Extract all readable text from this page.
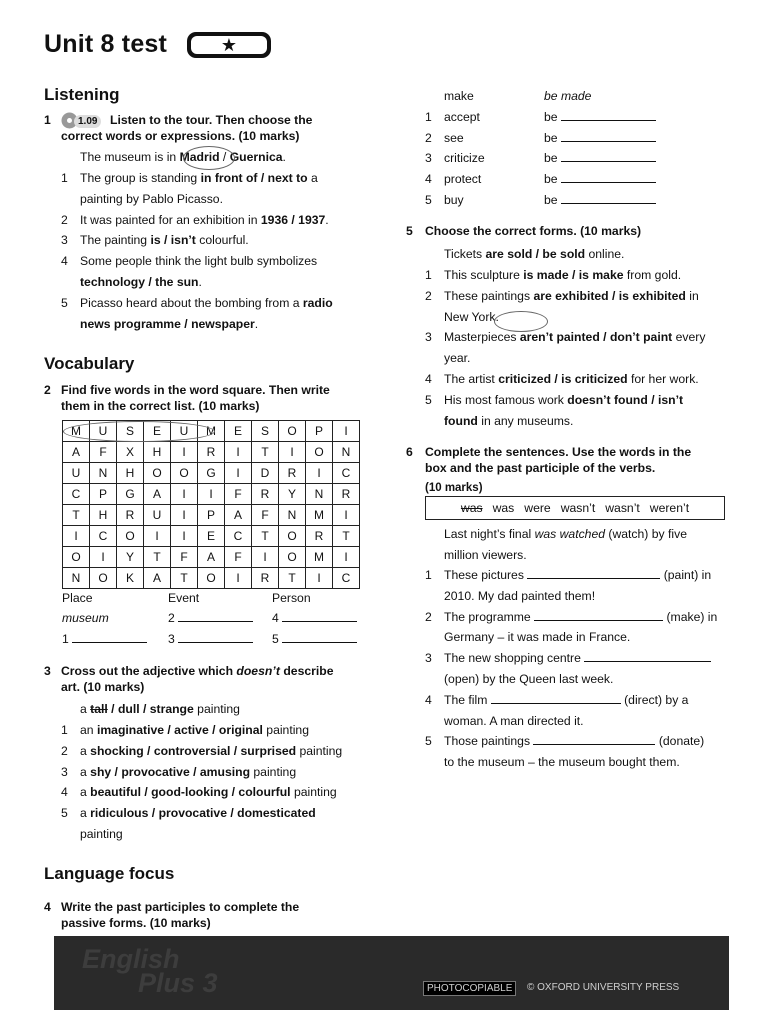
Unit 8 test	★
Listening
1	1.09	Listen to the tour. Then choose the
correct words or expressions. (10 marks)
The museum is in Madrid / Guernica.
1 The group is standing in front of / next to a
painting by Pablo Picasso.
2 It was painted for an exhibition in 1936 / 1937.
3 The painting is / isn’t colourful.
4 Some people think the light bulb symbolizes
technology / the sun.
5 Picasso heard about the bombing from a radio
news programme / newspaper.
Vocabulary
2 Find five words in the word square. Then write
them in the correct list. (10 marks)
M	U	S	E	U	M	E	S	O	P	I
A	F	X	H	I	R	I	T	I	O	N
U	N	H	O	O	G	I	D	R	I	C
C	P	G	A	I	I	F	R	Y	N	R
T	H	R	U	I	P	A	F	N	M	I
I	C	O	I	I	E	C	T	O	R	T
O	I	Y	T	F	A	F	I	O	M	I
N	O	K	A	T	O	I	R	T	I	C
Place	Event	Person
museum	2	4
1	3	5
3 Cross out the adjective which doesn’t describe
art. (10 marks)
a tall / dull / strange painting
1 an imaginative / active / original painting
2 a shocking / controversial / surprised painting
3 a shy / provocative / amusing painting
4 a beautiful / good-looking / colourful painting
5 a ridiculous / provocative / domesticated
painting
Language focus
4 Write the past participles to complete the
passive forms. (10 marks)
make	be made
1 accept	be
2 see	be
3 criticize	be
4 protect	be
5 buy	be
5 Choose the correct forms. (10 marks)
Tickets are sold / be sold online.
1 This sculpture is made / is make from gold.
2 These paintings are exhibited / is exhibited in
New York.
3 Masterpieces aren’t painted / don’t paint every
year.
4 The artist criticized / is criticized for her work.
5 His most famous work doesn’t found / isn’t
found in any museums.
6 Complete the sentences. Use the words in the
box and the past participle of the verbs.
(10 marks)
was was were wasn’t wasn’t weren’t
Last night’s final was watched (watch) by five
million viewers.
1 These pictures	(paint) in
2010. My dad painted them!
2 The programme	(make) in
Germany – it was made in France.
3 The new shopping centre
(open) by the Queen last week.
4 The film	(direct) by a
woman. A man directed it.
5 Those paintings	(donate)
to the museum – the museum bought them.
English
Plus 3	PHOTOCOPIABLE	© OXFORD UNIVERSITY PRESS
